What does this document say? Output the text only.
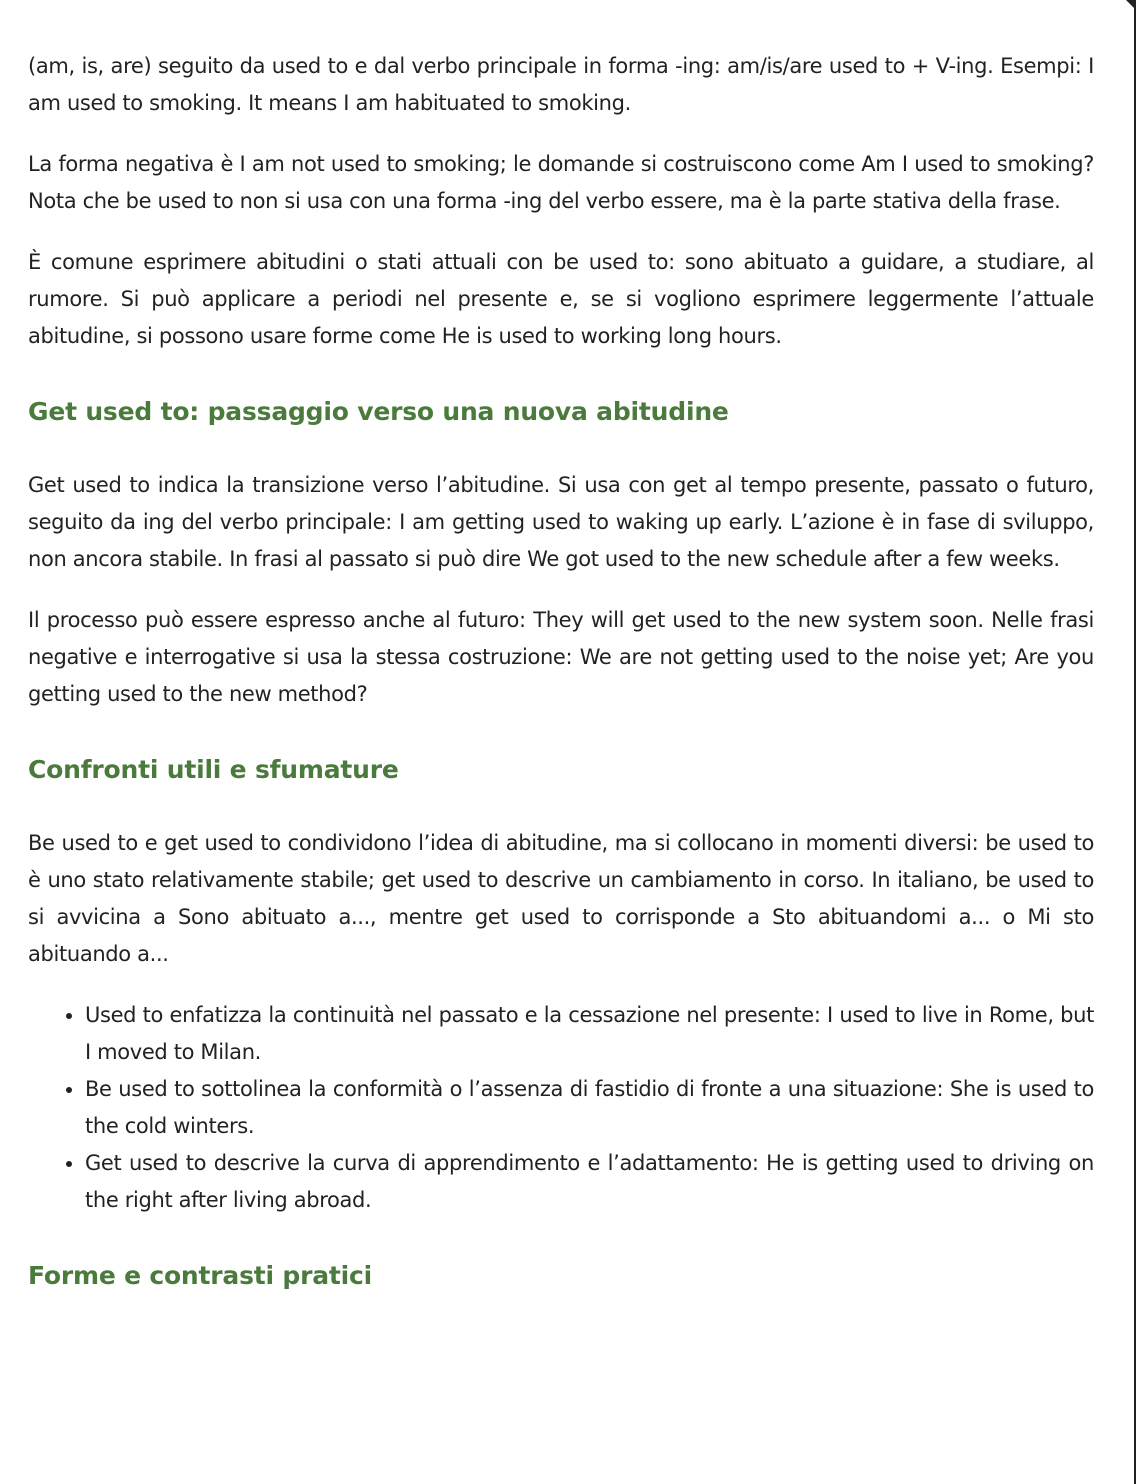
(am, is, are) seguito da used to e dal verbo principale in forma -ing: am/is/are used to + V-ing. Esempi: I am used to smoking. It means I am habituated to smoking.

La forma negativa è I am not used to smoking; le domande si costruiscono come Am I used to smoking? Nota che be used to non si usa con una forma -ing del verbo essere, ma è la parte stativa della frase.

È comune esprimere abitudini o stati attuali con be used to: sono abituato a guidare, a studiare, al rumore. Si può applicare a periodi nel presente e, se si vogliono esprimere leggermente l’attuale abitudine, si possono usare forme come He is used to working long hours.

Get used to: passaggio verso una nuova abitudine

Get used to indica la transizione verso l’abitudine. Si usa con get al tempo presente, passato o futuro, seguito da ing del verbo principale: I am getting used to waking up early. L’azione è in fase di sviluppo, non ancora stabile. In frasi al passato si può dire We got used to the new schedule after a few weeks.

Il processo può essere espresso anche al futuro: They will get used to the new system soon. Nelle frasi negative e interrogative si usa la stessa costruzione: We are not getting used to the noise yet; Are you getting used to the new method?

Confronti utili e sfumature

Be used to e get used to condividono l’idea di abitudine, ma si collocano in momenti diversi: be used to è uno stato relativamente stabile; get used to descrive un cambiamento in corso. In italiano, be used to si avvicina a Sono abituato a..., mentre get used to corrisponde a Sto abituandomi a... o Mi sto abituando a...

• Used to enfatizza la continuità nel passato e la cessazione nel presente: I used to live in Rome, but I moved to Milan.
• Be used to sottolinea la conformità o l’assenza di fastidio di fronte a una situazione: She is used to the cold winters.
• Get used to descrive la curva di apprendimento e l’adattamento: He is getting used to driving on the right after living abroad.
Forme e contrasti pratici
